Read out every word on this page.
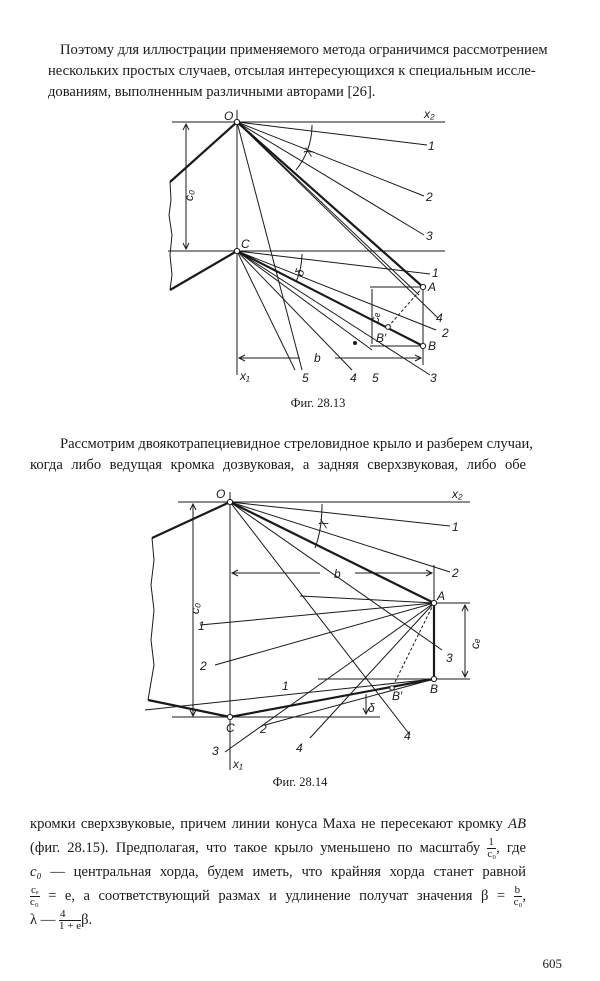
Поэтому для иллюстрации применяемого метода ограничимся рассмотрением
нескольких простых случаев, отсылая интересующихся к специальным иссле-
дованиям, выполненным различными авторами [26].
O	x₂
1
2
3
χ
c₀
C
1
δ
A
4
2
cₑ
B′
B
b
x₁	5	4 5	3
Фиг. 28.13
Рассмотрим двоякотрапециевидное стреловидное крыло и разберем случаи,
когда либо ведущая кромка дозвуковая, а задняя сверхзвуковая, либо обе
O	x₂
1
2
χ
b
A
c₀
1
2
3
cₑ
1	B
B′
δ
2
C
3	4
4
x₁
Фиг. 28.14
кромки сверхзвуковые, причем линии конуса Маха не пересекают кромку AB
(фиг. 28.15). Предполагая, что такое крыло уменьшено по масштабу $\frac{1}{\text{c₀}}$ , где
c₀ — центральная хорда, будем иметь, что крайняя хорда станет равной
$\frac{\text{cₑ}}{\text{c₀}} = e$, а соответствующий размах и удлинение получат значения $\beta = \frac{b}{\text{c₀}}$ ,
λ — $\frac{4}{1 + e} \beta$.
605
